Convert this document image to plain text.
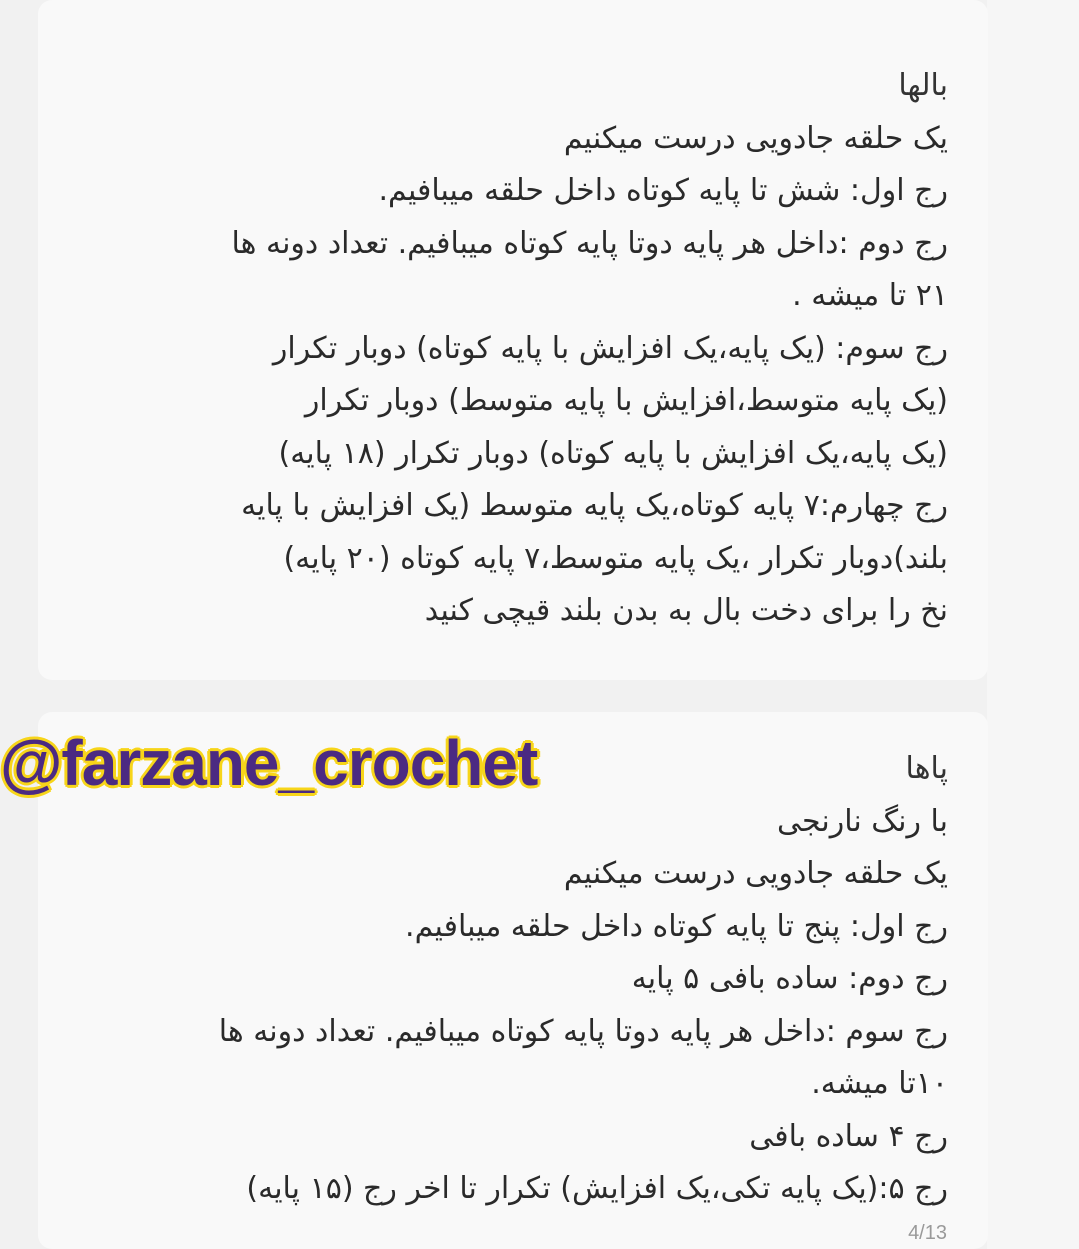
بالها
یک حلقه جادویی درست میکنیم
رج اول: شش تا پایه کوتاه داخل حلقه میبافیم.
رج دوم :داخل هر پایه دوتا پایه کوتاه میبافیم. تعداد دونه ها
۲۱ تا میشه .
رج سوم: (یک پایه،یک افزایش با پایه کوتاه) دوبار تکرار
(یک پایه متوسط،افزایش با پایه متوسط) دوبار تکرار
(یک پایه،یک افزایش با پایه کوتاه) دوبار تکرار (۱۸ پایه)
رج چهارم:۷ پایه کوتاه،یک پایه متوسط (یک افزایش با پایه
بلند)دوبار تکرار ،یک پایه متوسط،۷ پایه کوتاه (۲۰ پایه)
نخ را برای دخت بال به بدن بلند قیچی کنید
@farzane_crochet	پاها
با رنگ نارنجی
یک حلقه جادویی درست میکنیم
رج اول: پنج تا پایه کوتاه داخل حلقه میبافیم.
رج دوم: ساده بافی ۵ پایه
رج سوم :داخل هر پایه دوتا پایه کوتاه میبافیم. تعداد دونه ها
۱۰تا میشه.
رج ۴ ساده بافی
رج ۵:(یک پایه تکی،یک افزایش) تکرار تا اخر رج (۱۵ پایه)
4/13
